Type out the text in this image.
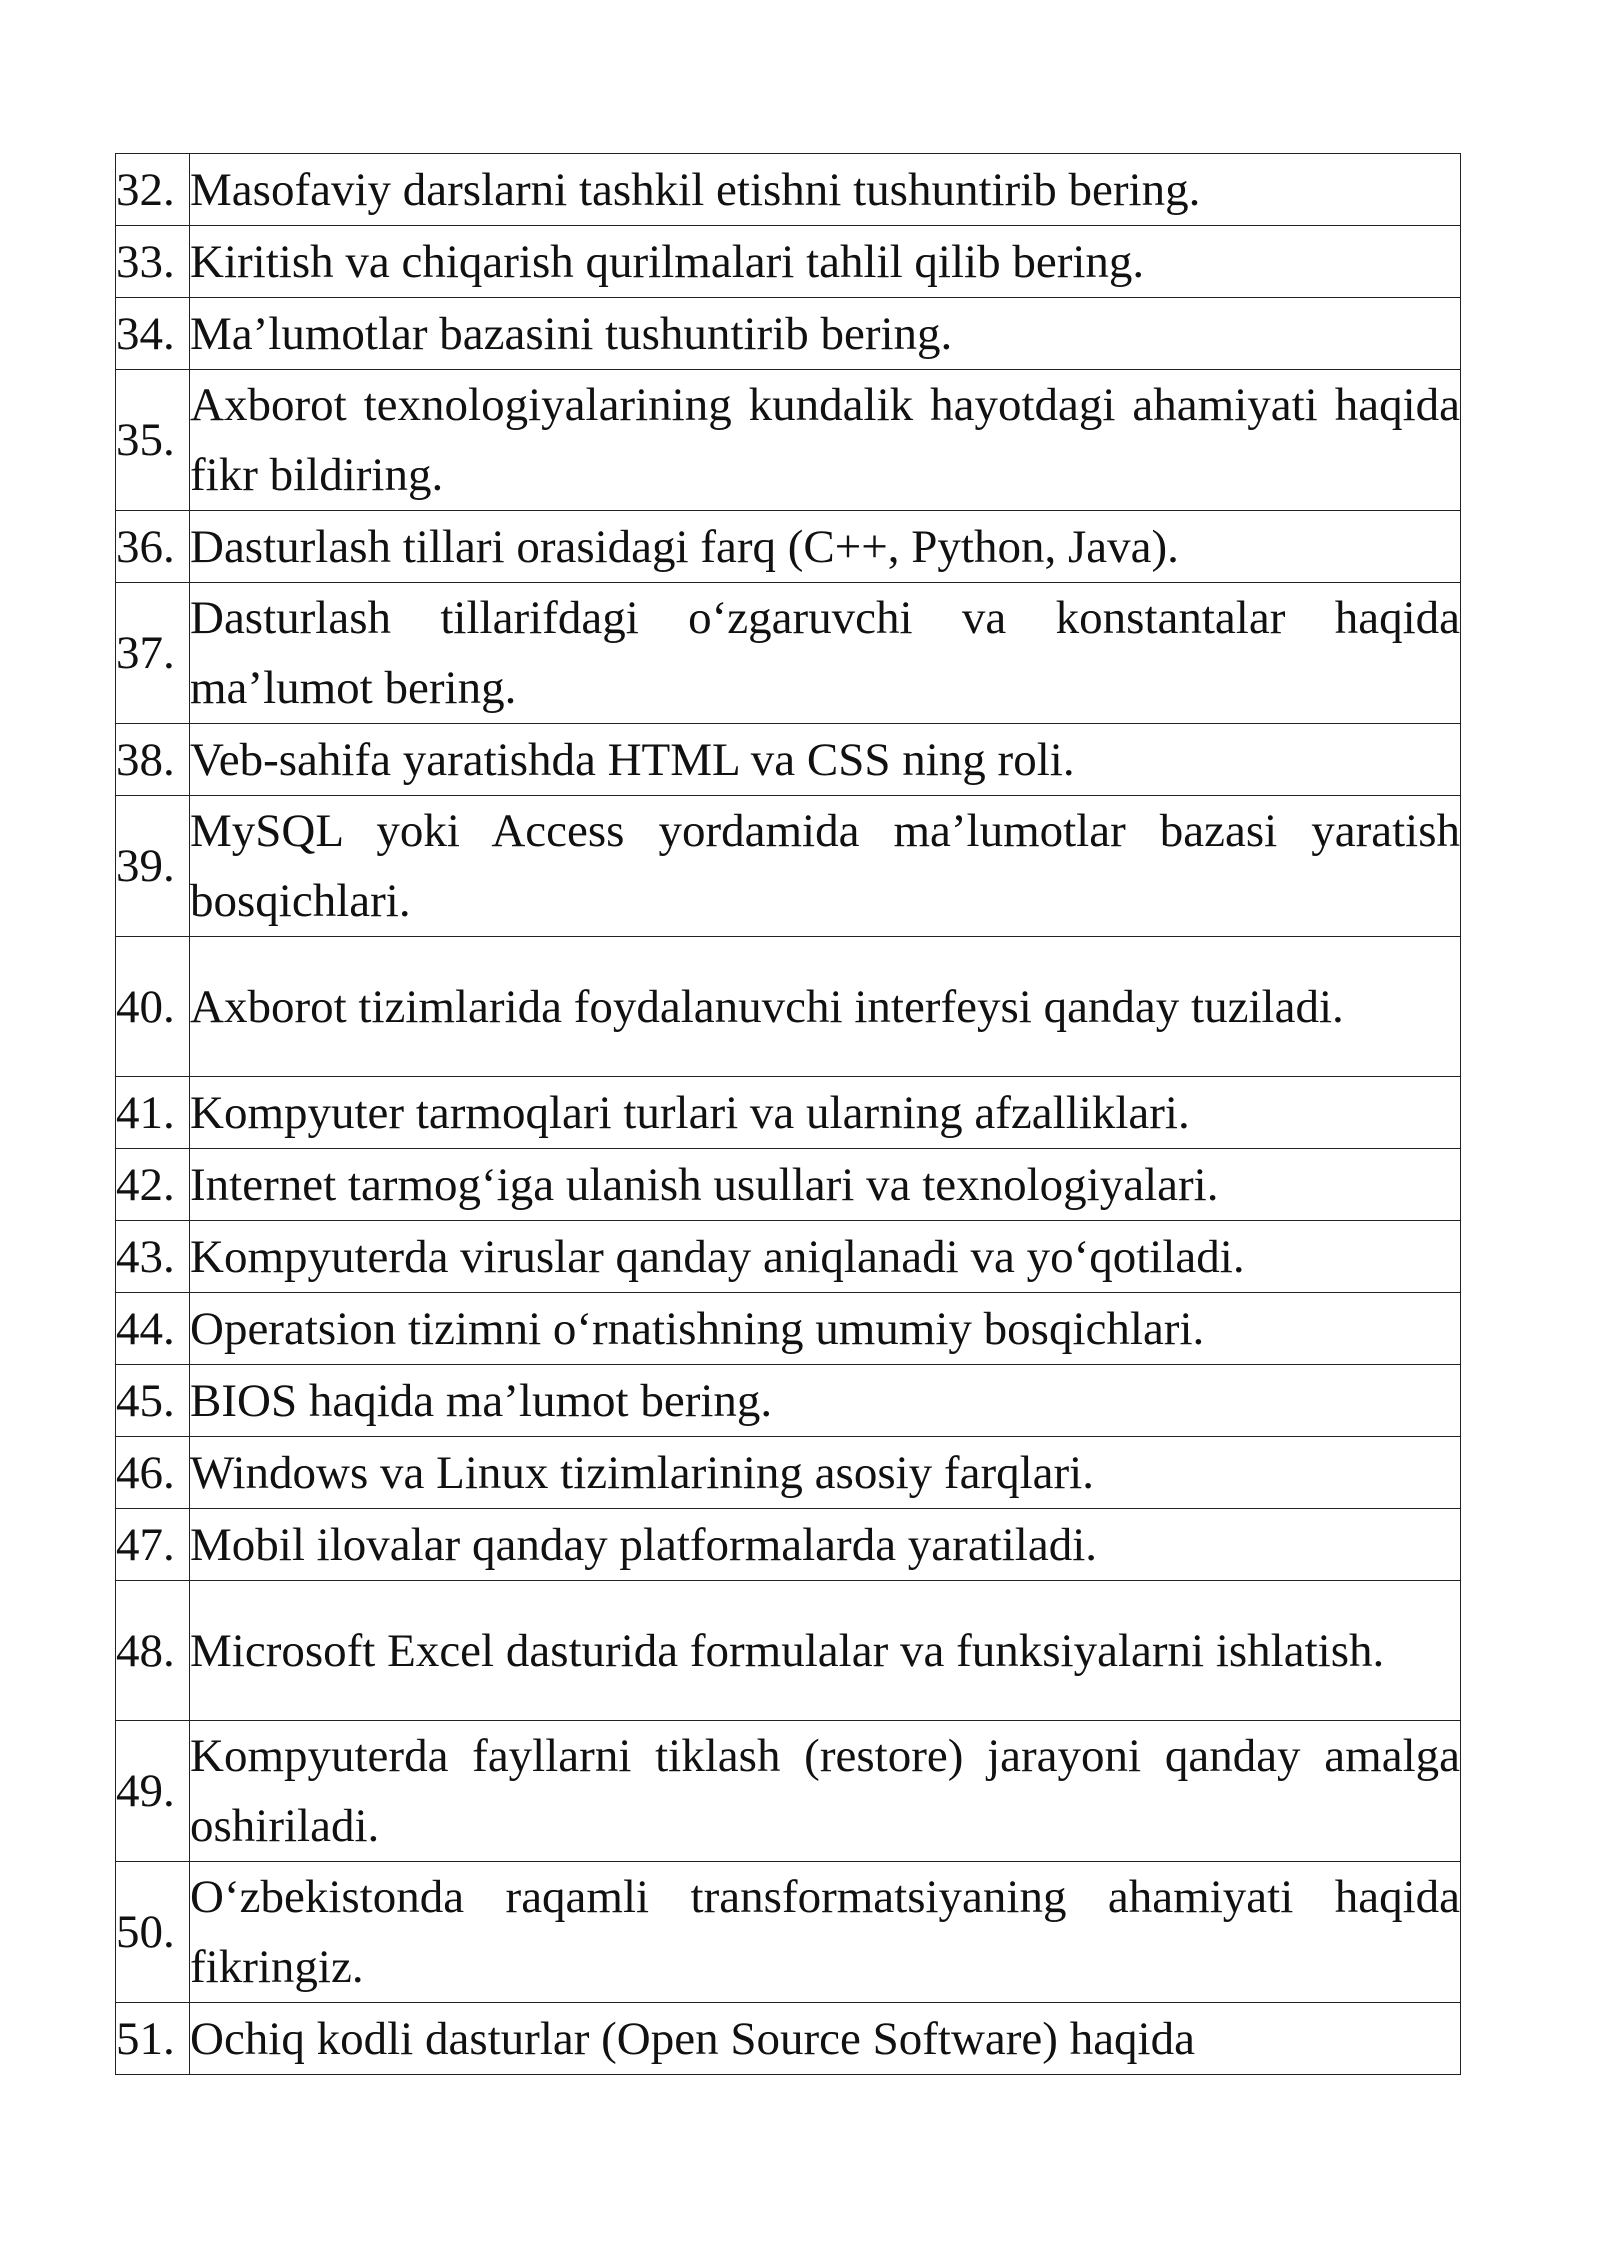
32.	Masofaviy darslarni tashkil etishni tushuntirib bering.
33.	Kiritish va chiqarish qurilmalari tahlil qilib bering.
34.	Ma’lumotlar bazasini tushuntirib bering.
35.	Axborot texnologiyalarining kundalik hayotdagi ahamiyati haqida fikr bildiring.
36.	Dasturlash tillari orasidagi farq (C++, Python, Java).
37.	Dasturlash tillarifdagi o‘zgaruvchi va konstantalar haqida ma’lumot bering.
38.	Veb-sahifa yaratishda HTML va CSS ning roli.
39.	MySQL yoki Access yordamida ma’lumotlar bazasi yaratish bosqichlari.
40.	Axborot tizimlarida foydalanuvchi interfeysi qanday tuziladi.
41.	Kompyuter tarmoqlari turlari va ularning afzalliklari.
42.	Internet tarmog‘iga ulanish usullari va texnologiyalari.
43.	Kompyuterda viruslar qanday aniqlanadi va yo‘qotiladi.
44.	Operatsion tizimni o‘rnatishning umumiy bosqichlari.
45.	BIOS haqida ma’lumot bering.
46.	Windows va Linux tizimlarining asosiy farqlari.
47.	Mobil ilovalar qanday platformalarda yaratiladi.
48.	Microsoft Excel dasturida formulalar va funksiyalarni ishlatish.
49.	Kompyuterda fayllarni tiklash (restore) jarayoni qanday amalga oshiriladi.
50.	O‘zbekistonda raqamli transformatsiyaning ahamiyati haqida fikringiz.
51.	Ochiq kodli dasturlar (Open Source Software) haqida
